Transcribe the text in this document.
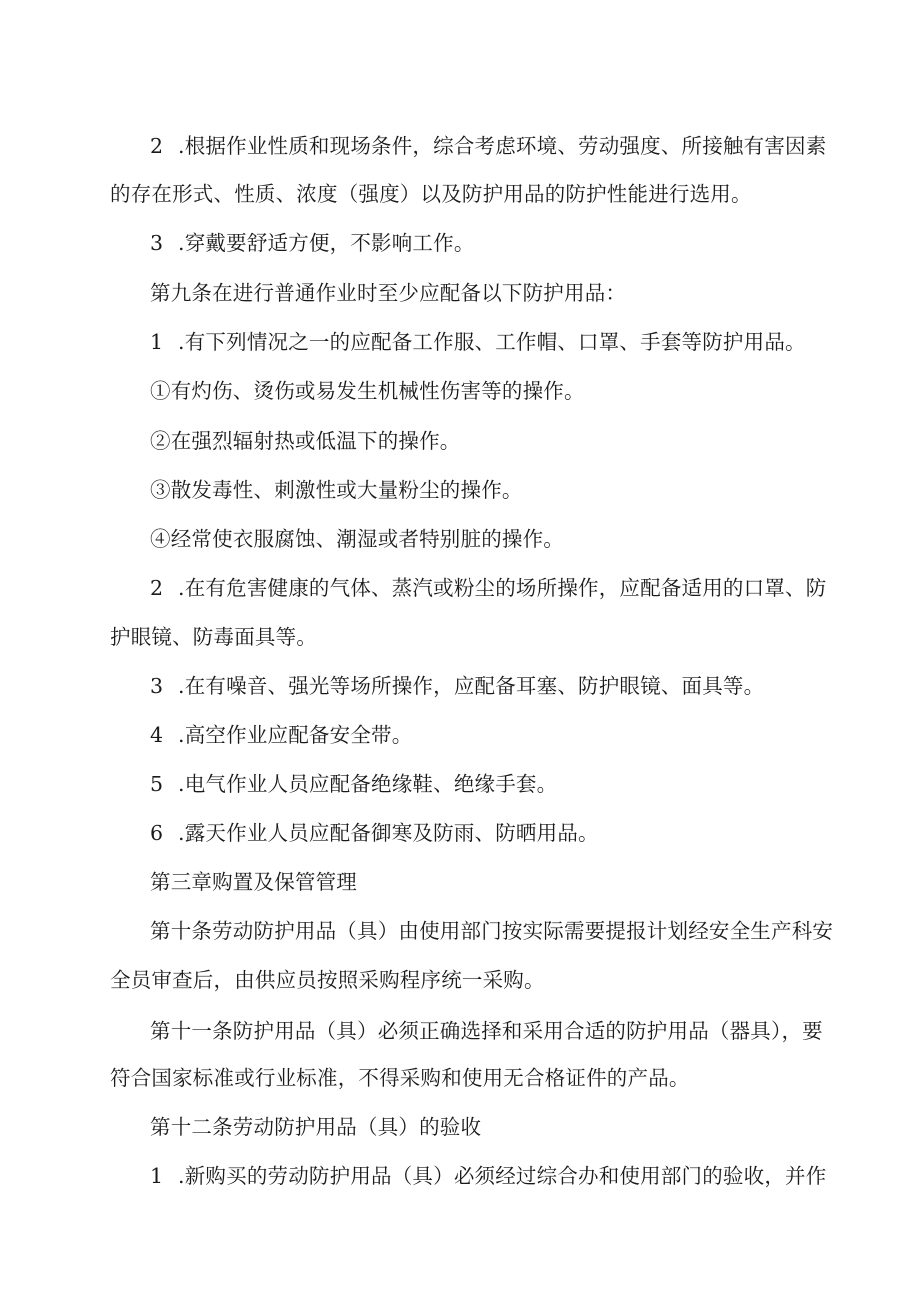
2 .根据作业性质和现场条件，综合考虑环境、劳动强度、所接触有害因素
的存在形式、性质、浓度（强度）以及防护用品的防护性能进行选用。
3 .穿戴要舒适方便，不影响工作。
第九条在进行普通作业时至少应配备以下防护用品：
1 .有下列情况之一的应配备工作服、工作帽、口罩、手套等防护用品。
①有灼伤、烫伤或易发生机械性伤害等的操作。
②在强烈辐射热或低温下的操作。
③散发毒性、刺激性或大量粉尘的操作。
④经常使衣服腐蚀、潮湿或者特别脏的操作。
2 .在有危害健康的气体、蒸汽或粉尘的场所操作，应配备适用的口罩、防
护眼镜、防毒面具等。
3 .在有噪音、强光等场所操作，应配备耳塞、防护眼镜、面具等。
4 .高空作业应配备安全带。
5 .电气作业人员应配备绝缘鞋、绝缘手套。
6 .露天作业人员应配备御寒及防雨、防晒用品。
第三章购置及保管管理
第十条劳动防护用品（具）由使用部门按实际需要提报计划经安全生产科安
全员审查后，由供应员按照采购程序统一采购。
第十一条防护用品（具）必须正确选择和采用合适的防护用品（器具），要
符合国家标准或行业标准，不得采购和使用无合格证件的产品。
第十二条劳动防护用品（具）的验收
1 .新购买的劳动防护用品（具）必须经过综合办和使用部门的验收，并作
